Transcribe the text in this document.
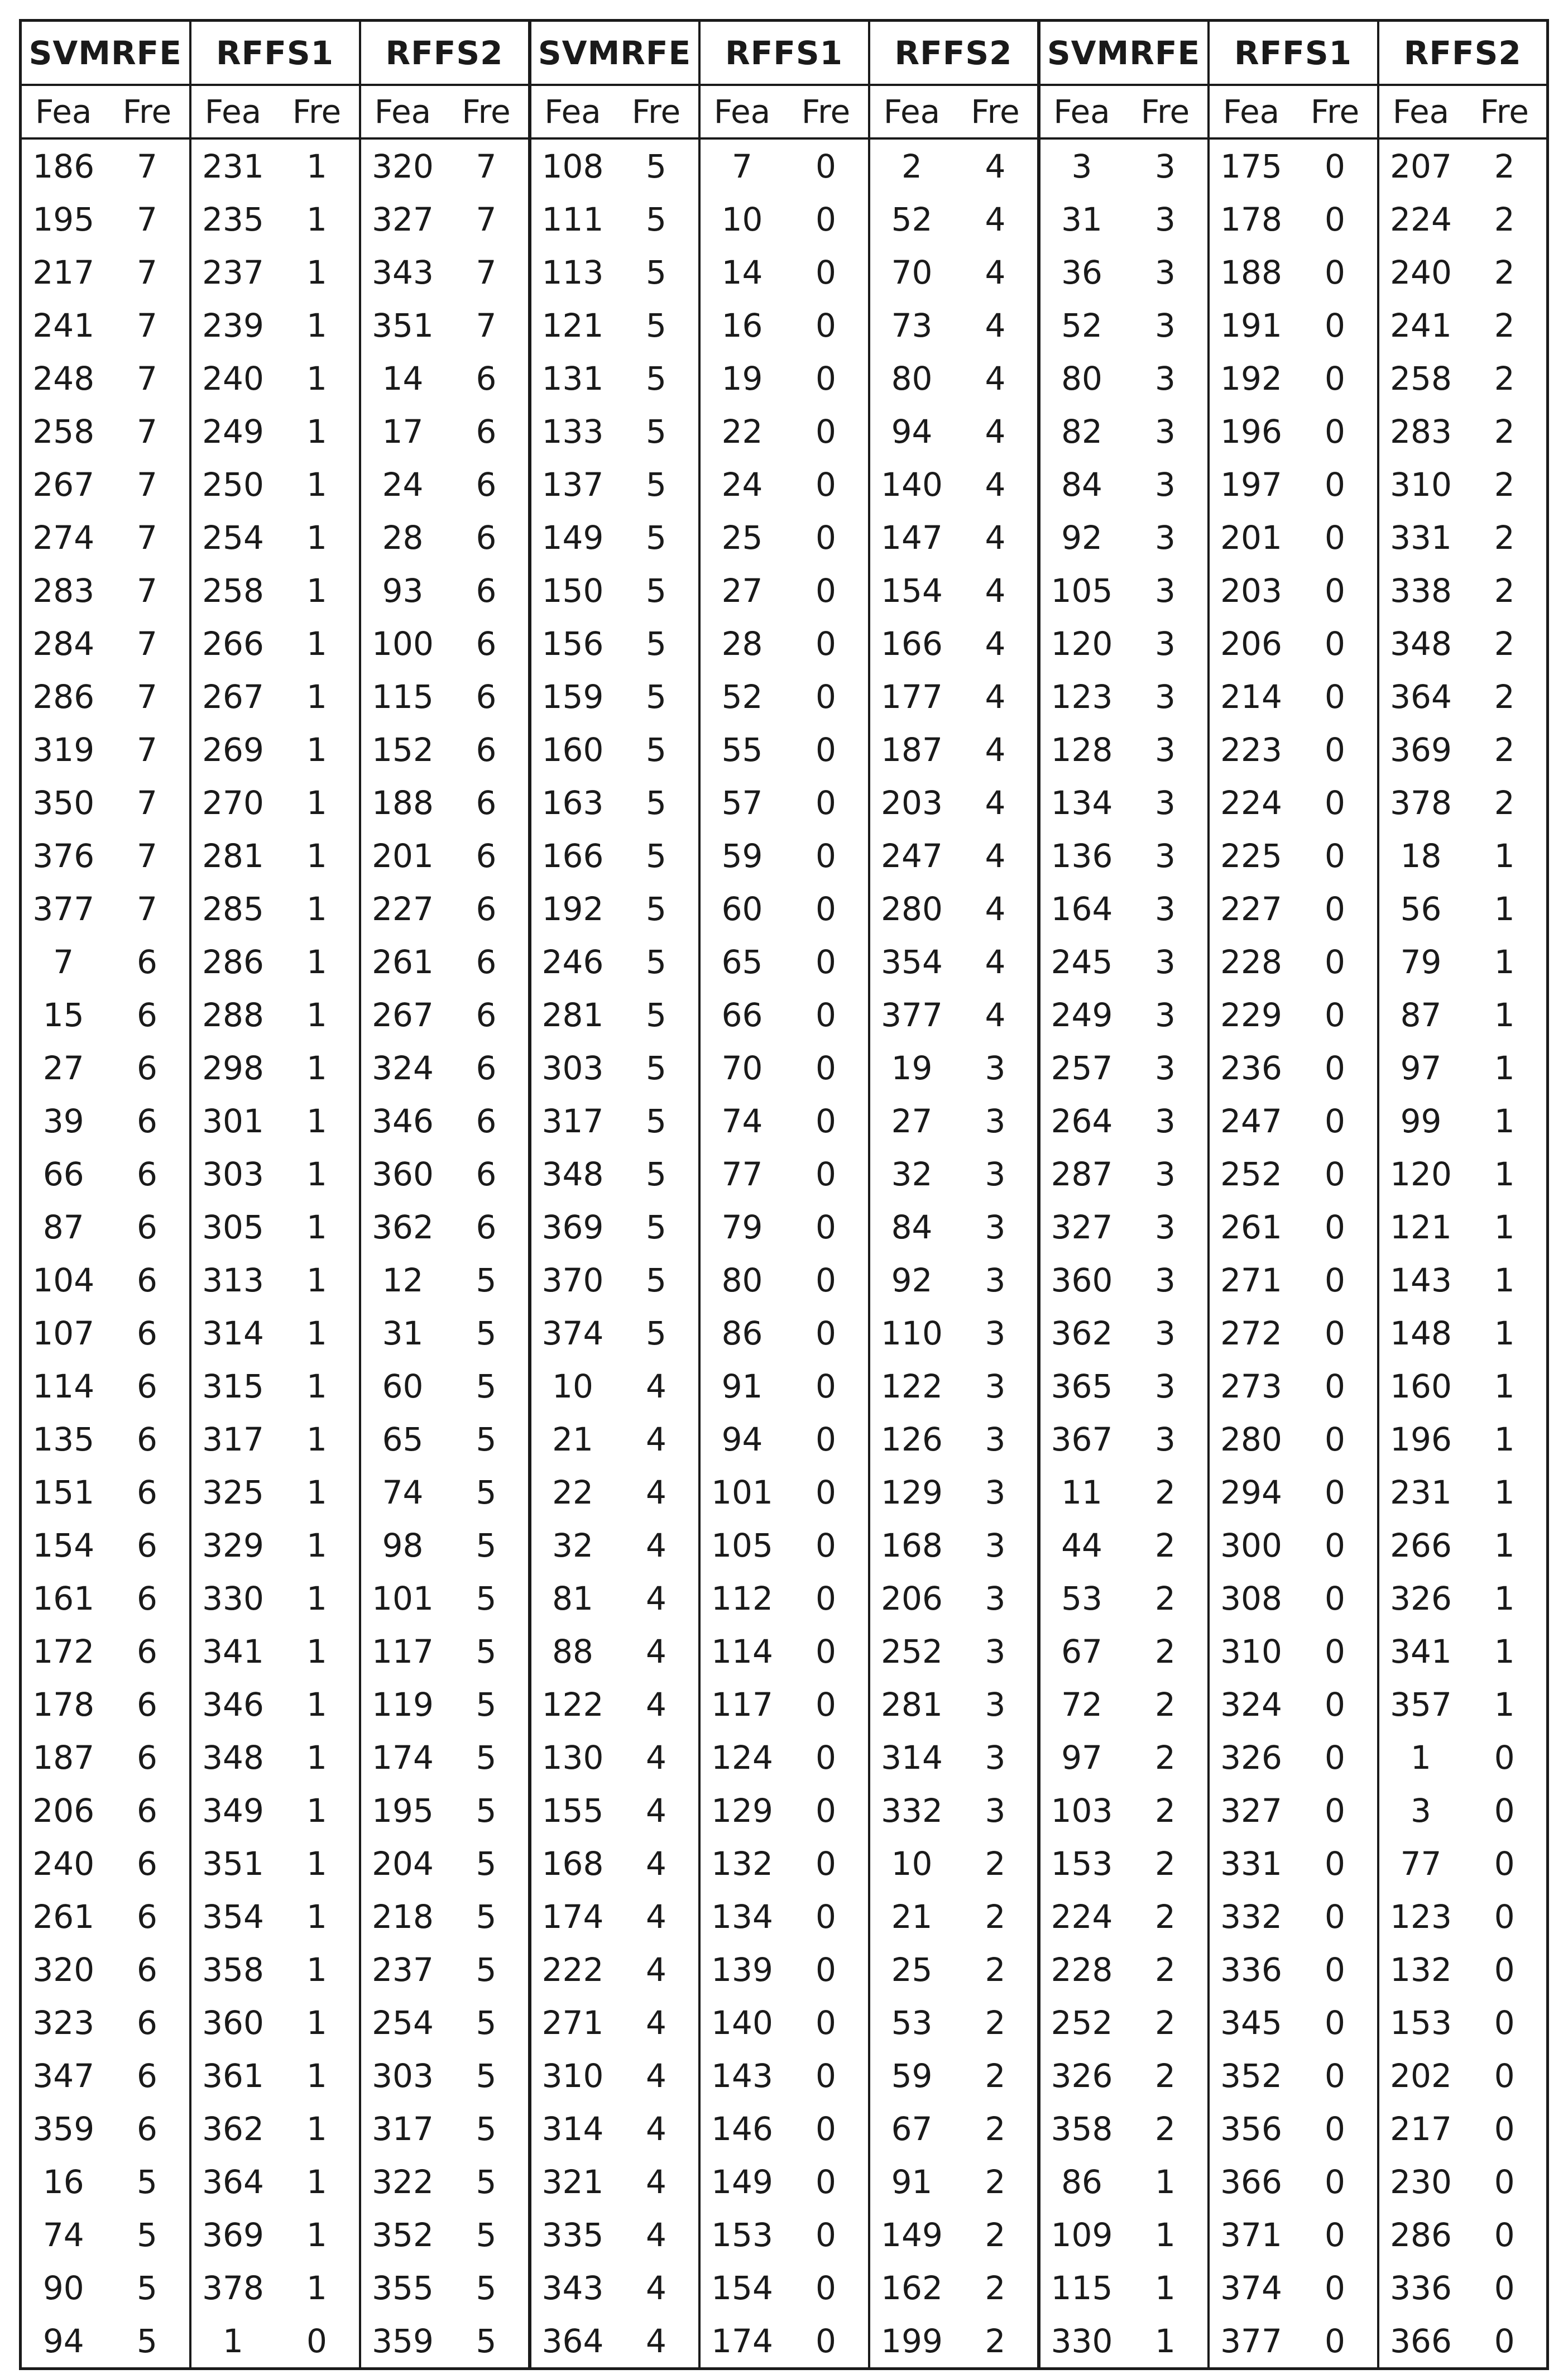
SVMRFE		RFFS1		RFFS2		SVMRFE		RFFS1		RFFS2		SVMRFE		RFFS1		RFFS2	
Fea	Fre	Fea	Fre	Fea	Fre	Fea	Fre	Fea	Fre	Fea	Fre	Fea	Fre	Fea	Fre	Fea	Fre
186	7	231	1	320	7	108	5	7	0	2	4	3	3	175	0	207	2
195	7	235	1	327	7	111	5	10	0	52	4	31	3	178	0	224	2
217	7	237	1	343	7	113	5	14	0	70	4	36	3	188	0	240	2
241	7	239	1	351	7	121	5	16	0	73	4	52	3	191	0	241	2
248	7	240	1	14	6	131	5	19	0	80	4	80	3	192	0	258	2
258	7	249	1	17	6	133	5	22	0	94	4	82	3	196	0	283	2
267	7	250	1	24	6	137	5	24	0	140	4	84	3	197	0	310	2
274	7	254	1	28	6	149	5	25	0	147	4	92	3	201	0	331	2
283	7	258	1	93	6	150	5	27	0	154	4	105	3	203	0	338	2
284	7	266	1	100	6	156	5	28	0	166	4	120	3	206	0	348	2
286	7	267	1	115	6	159	5	52	0	177	4	123	3	214	0	364	2
319	7	269	1	152	6	160	5	55	0	187	4	128	3	223	0	369	2
350	7	270	1	188	6	163	5	57	0	203	4	134	3	224	0	378	2
376	7	281	1	201	6	166	5	59	0	247	4	136	3	225	0	18	1
377	7	285	1	227	6	192	5	60	0	280	4	164	3	227	0	56	1
7	6	286	1	261	6	246	5	65	0	354	4	245	3	228	0	79	1
15	6	288	1	267	6	281	5	66	0	377	4	249	3	229	0	87	1
27	6	298	1	324	6	303	5	70	0	19	3	257	3	236	0	97	1
39	6	301	1	346	6	317	5	74	0	27	3	264	3	247	0	99	1
66	6	303	1	360	6	348	5	77	0	32	3	287	3	252	0	120	1
87	6	305	1	362	6	369	5	79	0	84	3	327	3	261	0	121	1
104	6	313	1	12	5	370	5	80	0	92	3	360	3	271	0	143	1
107	6	314	1	31	5	374	5	86	0	110	3	362	3	272	0	148	1
114	6	315	1	60	5	10	4	91	0	122	3	365	3	273	0	160	1
135	6	317	1	65	5	21	4	94	0	126	3	367	3	280	0	196	1
151	6	325	1	74	5	22	4	101	0	129	3	11	2	294	0	231	1
154	6	329	1	98	5	32	4	105	0	168	3	44	2	300	0	266	1
161	6	330	1	101	5	81	4	112	0	206	3	53	2	308	0	326	1
172	6	341	1	117	5	88	4	114	0	252	3	67	2	310	0	341	1
178	6	346	1	119	5	122	4	117	0	281	3	72	2	324	0	357	1
187	6	348	1	174	5	130	4	124	0	314	3	97	2	326	0	1	0
206	6	349	1	195	5	155	4	129	0	332	3	103	2	327	0	3	0
240	6	351	1	204	5	168	4	132	0	10	2	153	2	331	0	77	0
261	6	354	1	218	5	174	4	134	0	21	2	224	2	332	0	123	0
320	6	358	1	237	5	222	4	139	0	25	2	228	2	336	0	132	0
323	6	360	1	254	5	271	4	140	0	53	2	252	2	345	0	153	0
347	6	361	1	303	5	310	4	143	0	59	2	326	2	352	0	202	0
359	6	362	1	317	5	314	4	146	0	67	2	358	2	356	0	217	0
16	5	364	1	322	5	321	4	149	0	91	2	86	1	366	0	230	0
74	5	369	1	352	5	335	4	153	0	149	2	109	1	371	0	286	0
90	5	378	1	355	5	343	4	154	0	162	2	115	1	374	0	336	0
94	5	1	0	359	5	364	4	174	0	199	2	330	1	377	0	366	0
